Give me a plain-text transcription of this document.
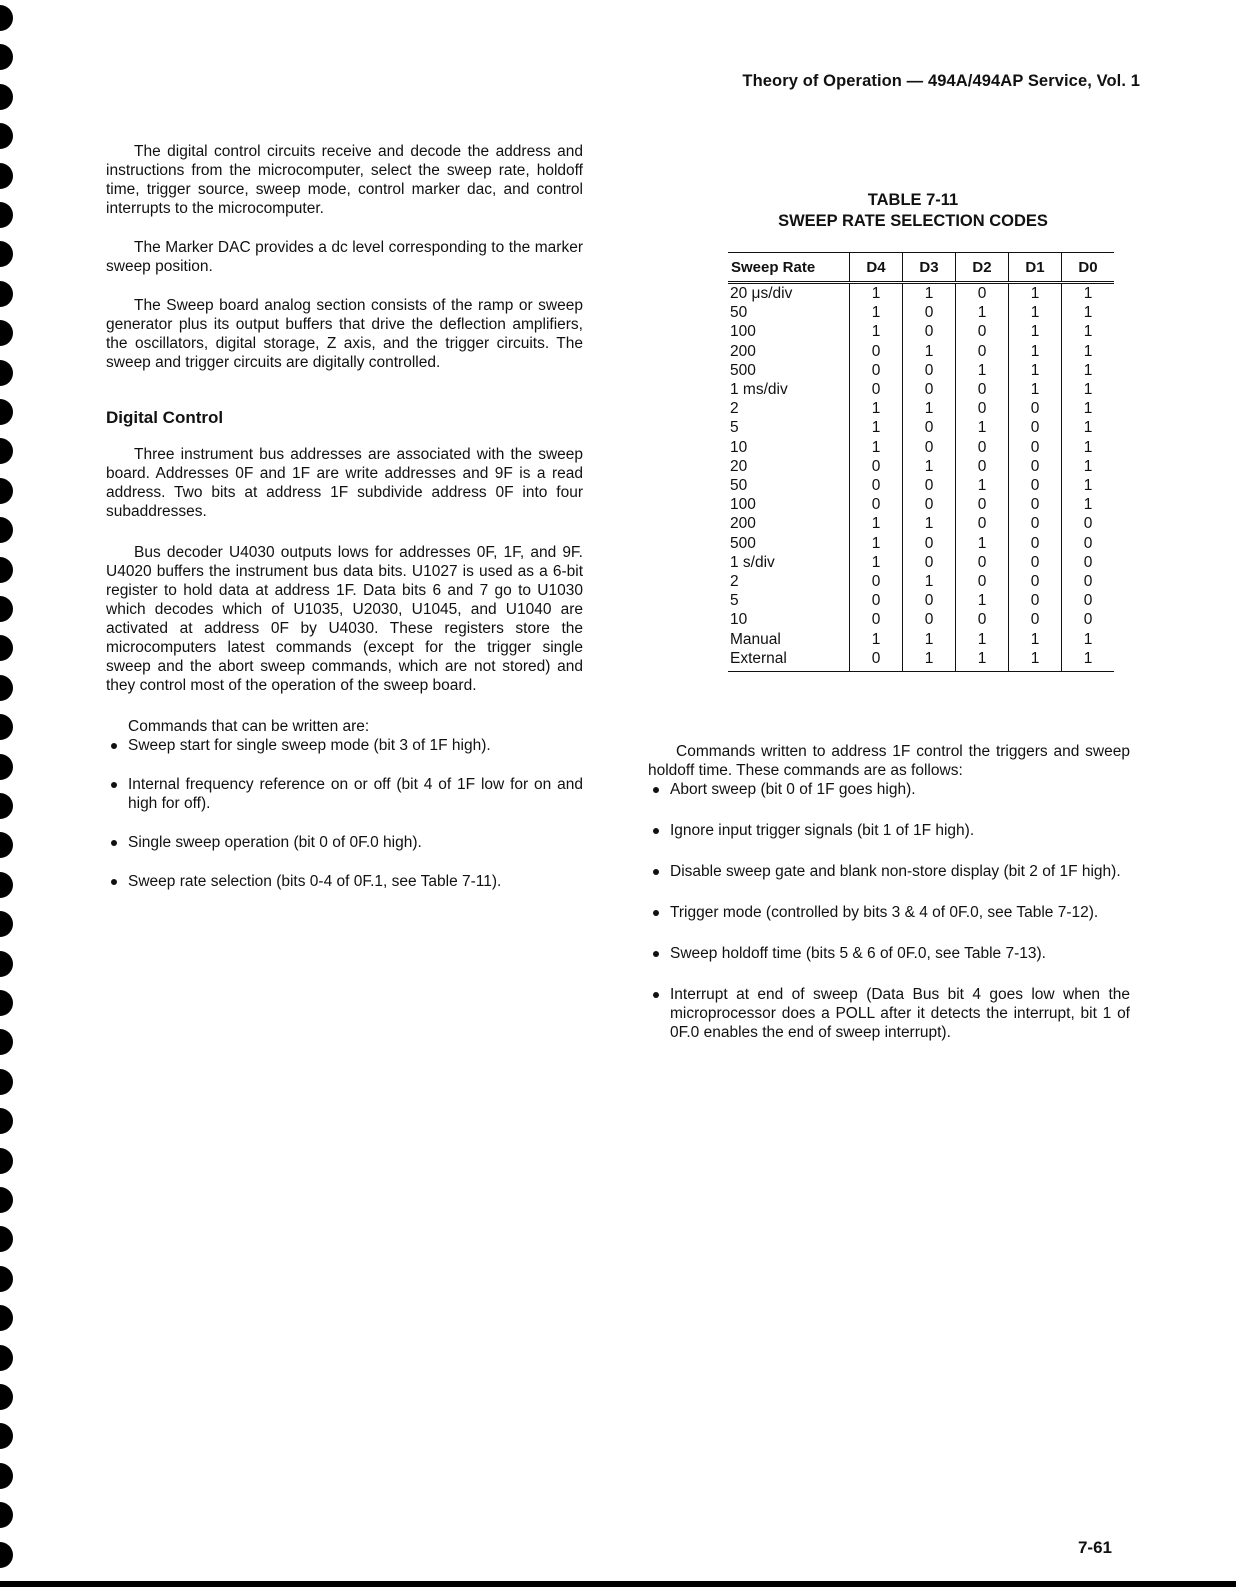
Theory of Operation — 494A/494AP Service, Vol. 1

The digital control circuits receive and decode the address and instructions from the microcomputer, select the sweep rate, holdoff time, trigger source, sweep mode, control marker dac, and control interrupts to the microcomputer.

The Marker DAC provides a dc level corresponding to the marker sweep position.

The Sweep board analog section consists of the ramp or sweep generator plus its output buffers that drive the deflection amplifiers, the oscillators, digital storage, Z axis, and the trigger circuits. The sweep and trigger circuits are digitally controlled.

Digital Control

Three instrument bus addresses are associated with the sweep board. Addresses 0F and 1F are write addresses and 9F is a read address. Two bits at address 1F subdivide address 0F into four subaddresses.

Bus decoder U4030 outputs lows for addresses 0F, 1F, and 9F. U4020 buffers the instrument bus data bits. U1027 is used as a 6-bit register to hold data at address 1F. Data bits 6 and 7 go to U1030 which decodes which of U1035, U2030, U1045, and U1040 are activated at address 0F by U4030. These registers store the microcomputers latest commands (except for the trigger single sweep and the abort sweep commands, which are not stored) and they control most of the operation of the sweep board.

Commands that can be written are:

Sweep start for single sweep mode (bit 3 of 1F high).
Internal frequency reference on or off (bit 4 of 1F low for on and high for off).
Single sweep operation (bit 0 of 0F.0 high).
Sweep rate selection (bits 0-4 of 0F.1, see Table 7-11).
TABLE 7-11
SWEEP RATE SELECTION CODES
Sweep Rate	D4	D3	D2	D1	D0
20 μs/div	1	1	0	1	1
50	1	0	1	1	1
100	1	0	0	1	1
200	0	1	0	1	1
500	0	0	1	1	1
1 ms/div	0	0	0	1	1
2	1	1	0	0	1
5	1	0	1	0	1
10	1	0	0	0	1
20	0	1	0	0	1
50	0	0	1	0	1
100	0	0	0	0	1
200	1	1	0	0	0
500	1	0	1	0	0
1 s/div	1	0	0	0	0
2	0	1	0	0	0
5	0	0	1	0	0
10	0	0	0	0	0
Manual	1	1	1	1	1
External	0	1	1	1	1

Commands written to address 1F control the triggers and sweep holdoff time. These commands are as follows:

Abort sweep (bit 0 of 1F goes high).
Ignore input trigger signals (bit 1 of 1F high).
Disable sweep gate and blank non-store display (bit 2 of 1F high).
Trigger mode (controlled by bits 3 & 4 of 0F.0, see Table 7-12).
Sweep holdoff time (bits 5 & 6 of 0F.0, see Table 7-13).
Interrupt at end of sweep (Data Bus bit 4 goes low when the microprocessor does a POLL after it detects the interrupt, bit 1 of 0F.0 enables the end of sweep interrupt).
7-61
